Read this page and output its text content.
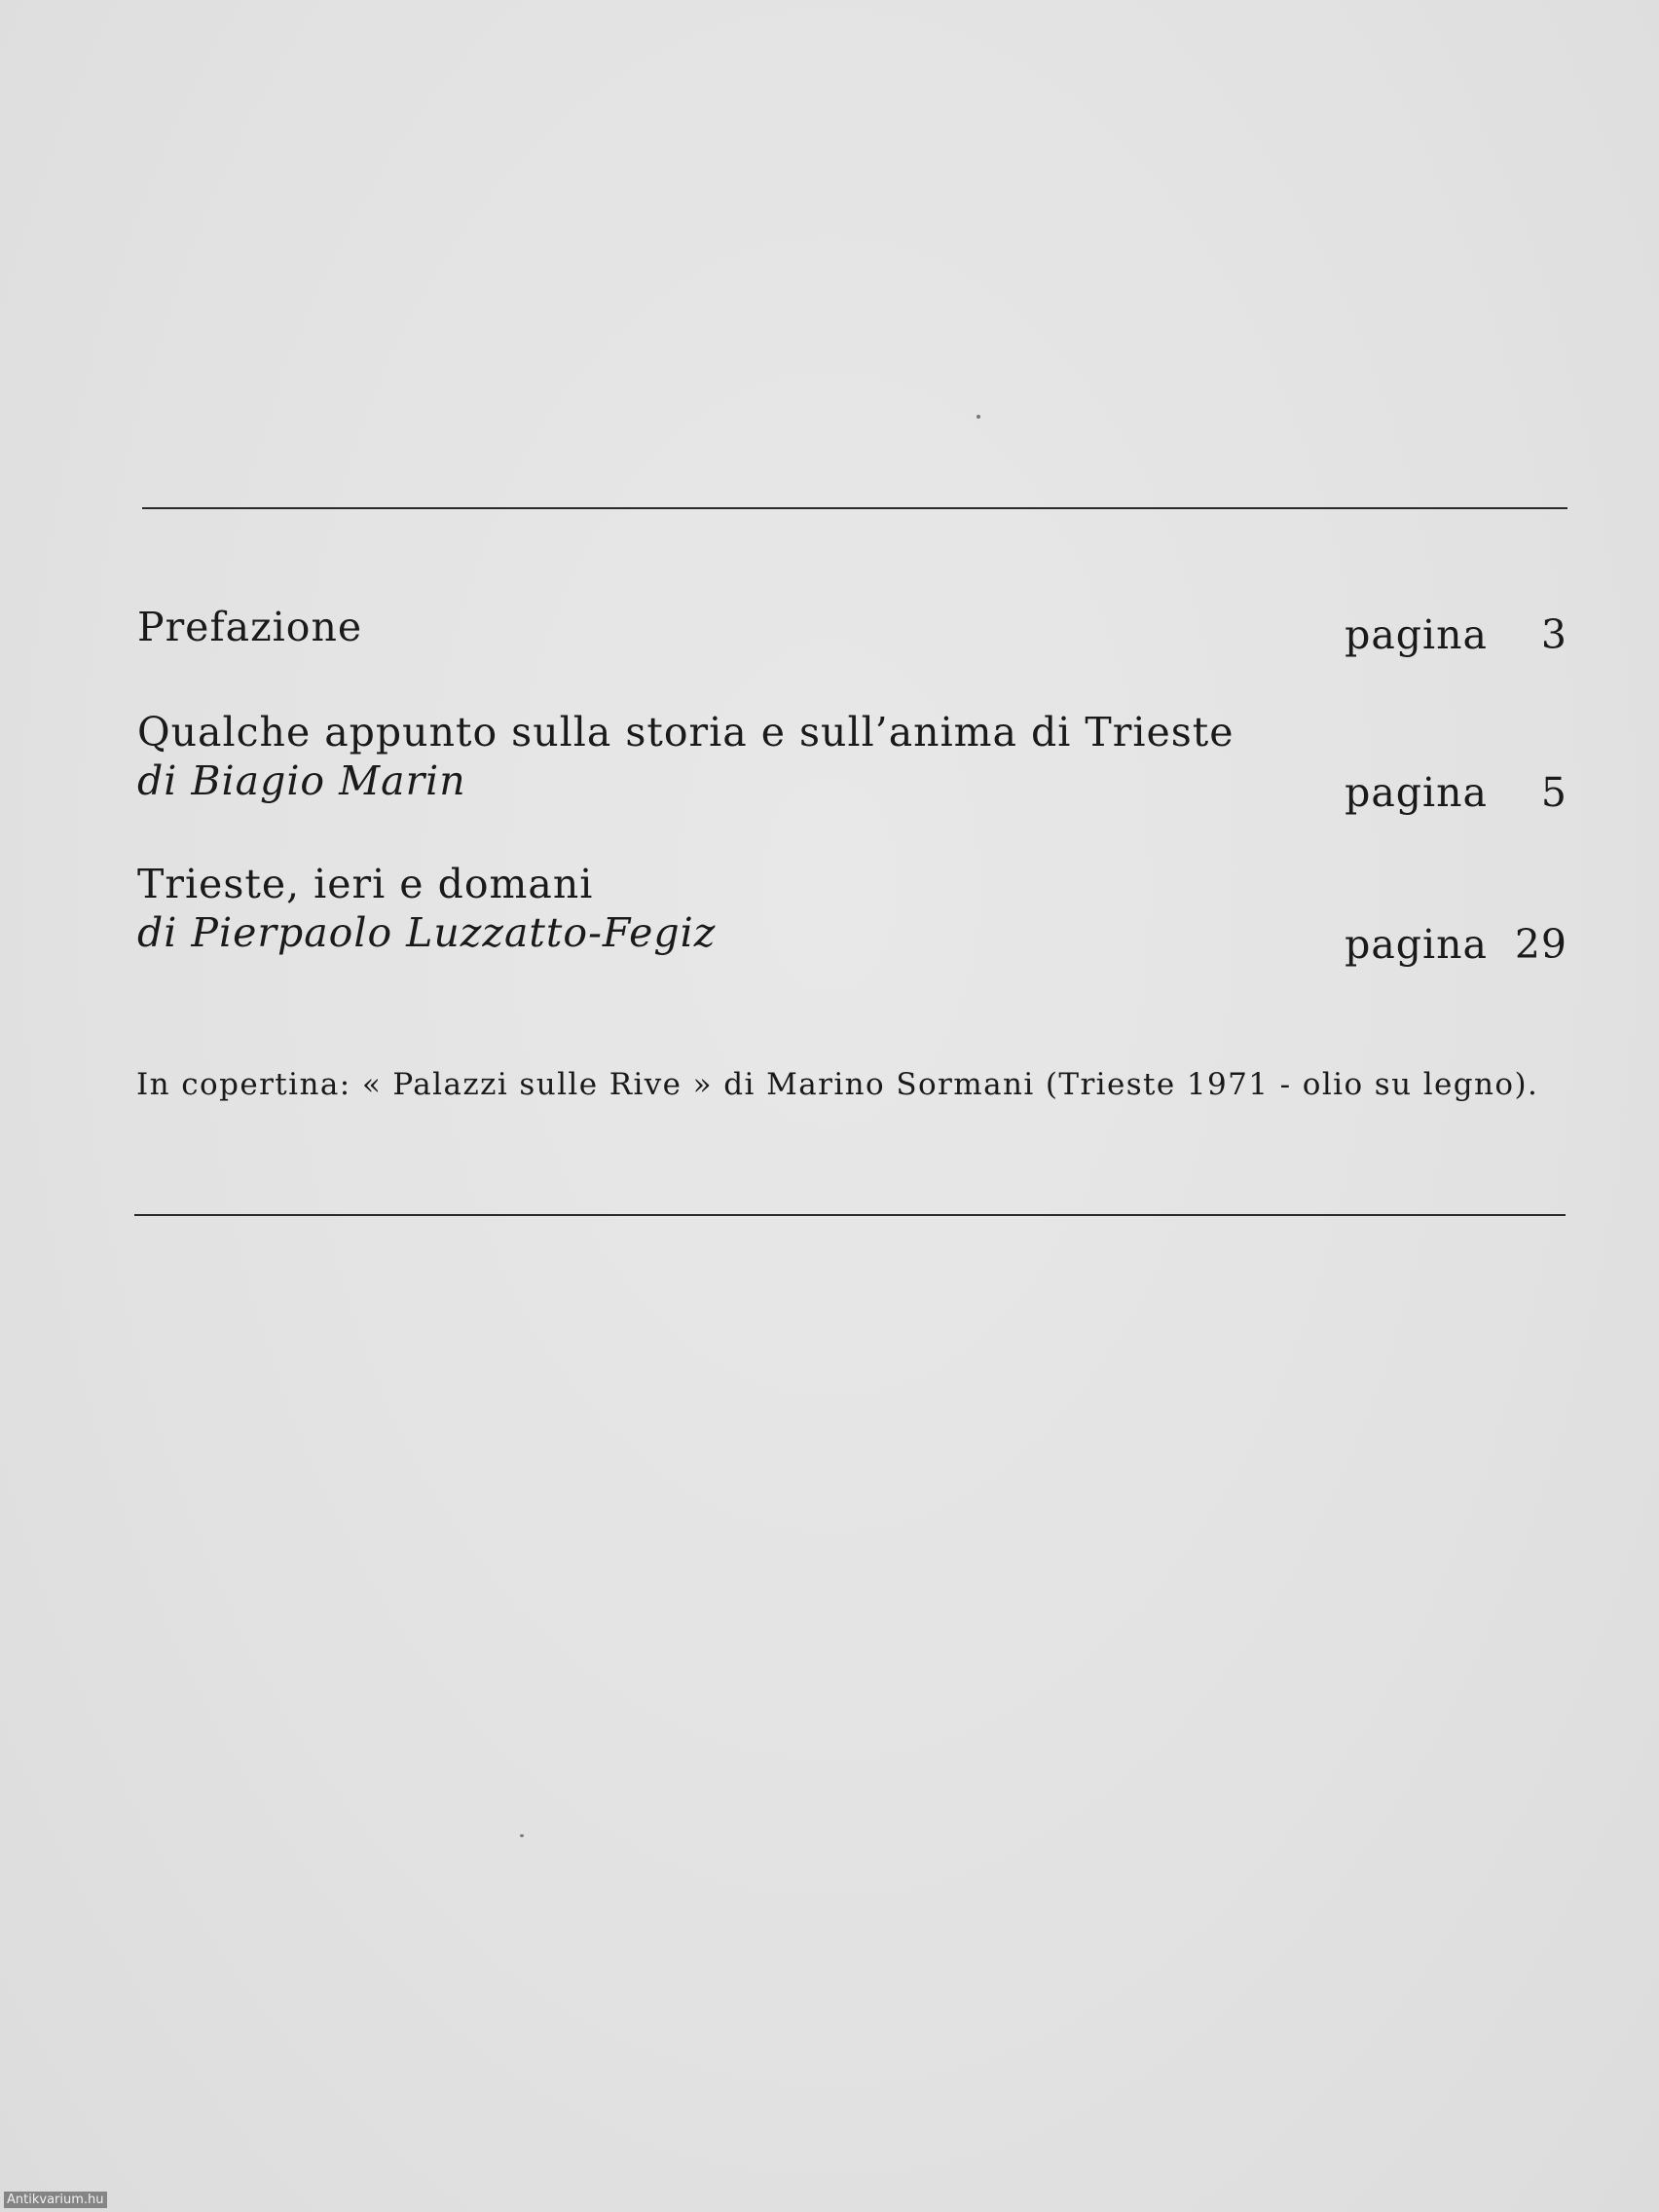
Prefazione	pagina 3
Qualche appunto sulla storia e sull’anima di Trieste
di Biagio Marin	pagina 5
Trieste, ieri e domani
di Pierpaolo Luzzatto-Fegiz	pagina 29
In copertina: « Palazzi sulle Rive » di Marino Sormani (Trieste 1971 - olio su legno).
Antikvarium.hu
